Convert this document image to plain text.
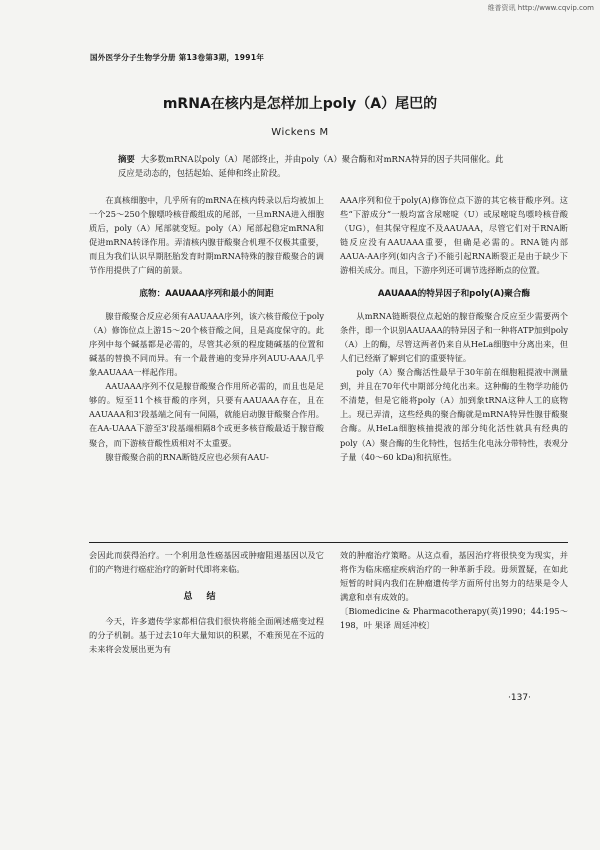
维普资讯 http://www.cqvip.com
国外医学分子生物学分册 第13卷第3期，1991年
mRNA在核内是怎样加上poly（A）尾巴的
Wickens M
摘要 大多数mRNA以poly（A）尾部终止，并由poly（A）聚合酶和对mRNA特异的因子共同催化。此反应是动态的，包括起始、延伸和终止阶段。

在真核细胞中，几乎所有的mRNA在核内转录以后均被加上一个25～250个腺嘌呤核苷酸组成的尾部，一旦mRNA进入细胞质后，poly（A）尾部就变短。poly（A）尾部起稳定mRNA和促进mRNA转译作用。弄清核内腺苷酸聚合机理不仅极其重要，而且为我们认识早期胚胎发育时期mRNA特殊的腺苷酸聚合的调节作用提供了广阔的前景。

底物：AAUAAA序列和最小的间距

腺苷酸聚合反应必须有AAUAAA序列，该六核苷酸位于poly（A）修饰位点上游15～20个核苷酸之间，且是高度保守的。此序列中每个碱基都是必需的，尽管其必须的程度随碱基的位置和碱基的替换不同而异。有一个最普遍的变异序列AUU-AAA几乎象AAUAAA一样起作用。

AAUAAA序列不仅是腺苷酸聚合作用所必需的，而且也是足够的。短至11个核苷酸的序列，只要有AAUAAA存在，且在AAUAAA和3'段基端之间有一间隔，就能启动腺苷酸聚合作用。在AA-UAAA下游至3'段基端相隔8个或更多核苷酸最适于腺苷酸聚合，而下游核苷酸性质相对不太重要。

腺苷酸聚合前的RNA断链反应也必须有AAU-

AAA序列和位于poly(A)修饰位点下游的其它核苷酸序列。这些“下游成分”一般均富含尿嘧啶（U）或尿嘧啶鸟嘌呤核苷酸（UG），但其保守程度不及AAUAAA，尽管它们对于RNA断链反应没有AAUAAA重要，但确是必需的。RNA链内部AAUA-AA序列(如内含子)不能引起RNA断裂正是由于缺少下游相关成分。而且，下游序列还可调节选择断点的位置。

AAUAAA的特异因子和poly(A)聚合酶

从mRNA链断裂位点起始的腺苷酸聚合反应至少需要两个条件，即一个识别AAUAAA的特异因子和一种将ATP加到poly（A）上的酶，尽管这两者仍来自从HeLa细胞中分离出来，但人们已经渐了解到它们的重要特征。

poly（A）聚合酶活性最早于30年前在细胞粗提液中测量到，并且在70年代中期部分纯化出来。这种酶的生物学功能仍不清楚，但是它能将poly（A）加到象tRNA这种人工的底物上。现已弄清，这些经典的聚合酶就是mRNA特异性腺苷酸聚合酶。从HeLa细胞核抽提液的部分纯化活性就具有经典的poly（A）聚合酶的生化特性，包括生化电泳分带特性，表观分子量（40～60 kDa)和抗原性。

会因此而获得治疗。一个利用急性癌基因或肿瘤阻遏基因以及它们的产物进行癌症治疗的新时代即将来临。

总结

今天，许多遗传学家都相信我们很快将能全面阐述癌变过程的分子机制。基于过去10年大量知识的积累，不难预见在不远的未来将会发展出更为有

效的肿瘤治疗策略。从这点看，基因治疗将很快变为现实，并将作为临床癌症疾病治疗的一种革新手段。毋须置疑，在如此短暂的时间内我们在肿瘤遗传学方面所付出努力的结果是令人满意和卓有成效的。

〔Biomedicine & Pharmacotherapy(英)1990；44:195～198，叶 果译 周廷冲校〕

·137·
